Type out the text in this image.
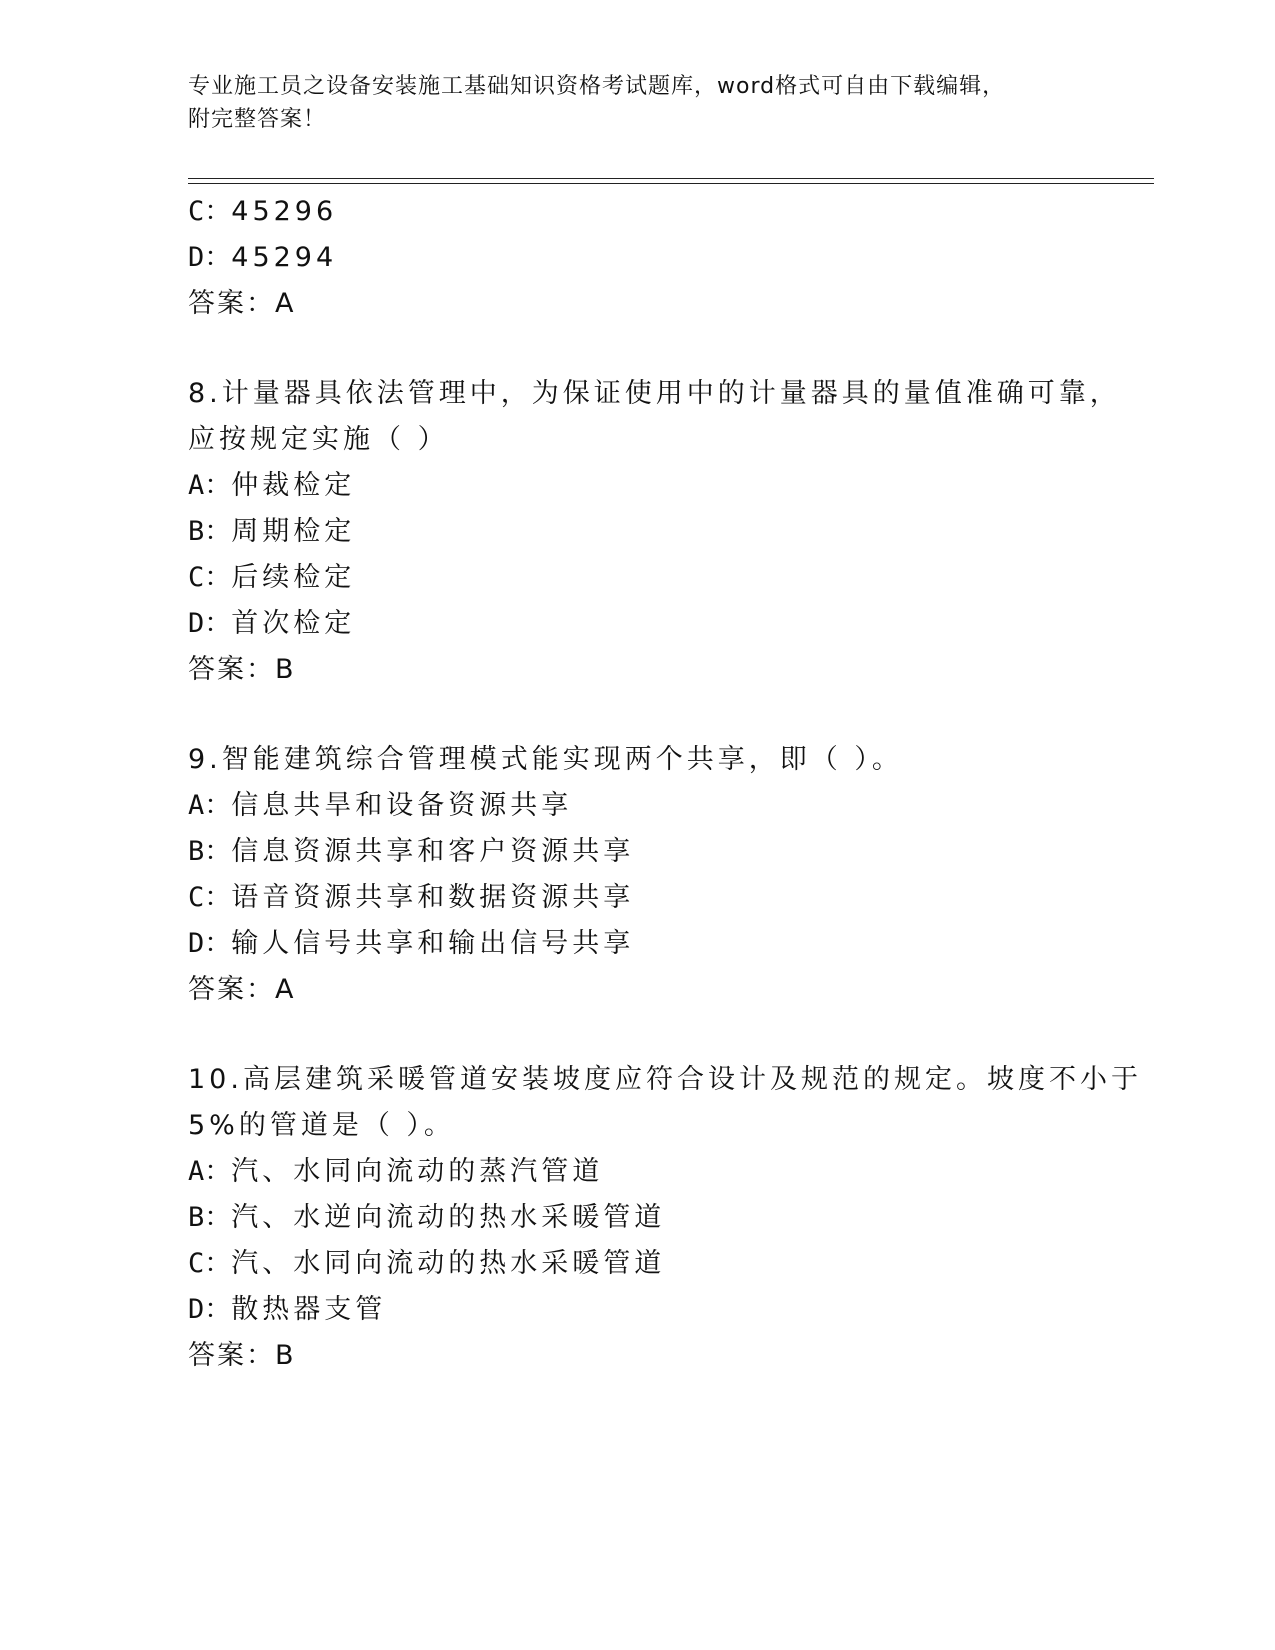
专业施工员之设备安装施工基础知识资格考试题库，word格式可自由下载编辑，
附完整答案！
C：45296
D：45294
答案：A
8.计量器具依法管理中，为保证使用中的计量器具的量值准确可靠，
应按规定实施（ ）
A：仲裁检定
B：周期检定
C：后续检定
D：首次检定
答案：B
9.智能建筑综合管理模式能实现两个共享，即（ ）。
A：信息共旱和设备资源共享
B：信息资源共享和客户资源共享
C：语音资源共享和数据资源共享
D：输人信号共享和输出信号共享
答案：A
10.高层建筑采暖管道安装坡度应符合设计及规范的规定。坡度不小于
5%的管道是（ ）。
A：汽、水同向流动的蒸汽管道
B：汽、水逆向流动的热水采暖管道
C：汽、水同向流动的热水采暖管道
D：散热器支管
答案：B
